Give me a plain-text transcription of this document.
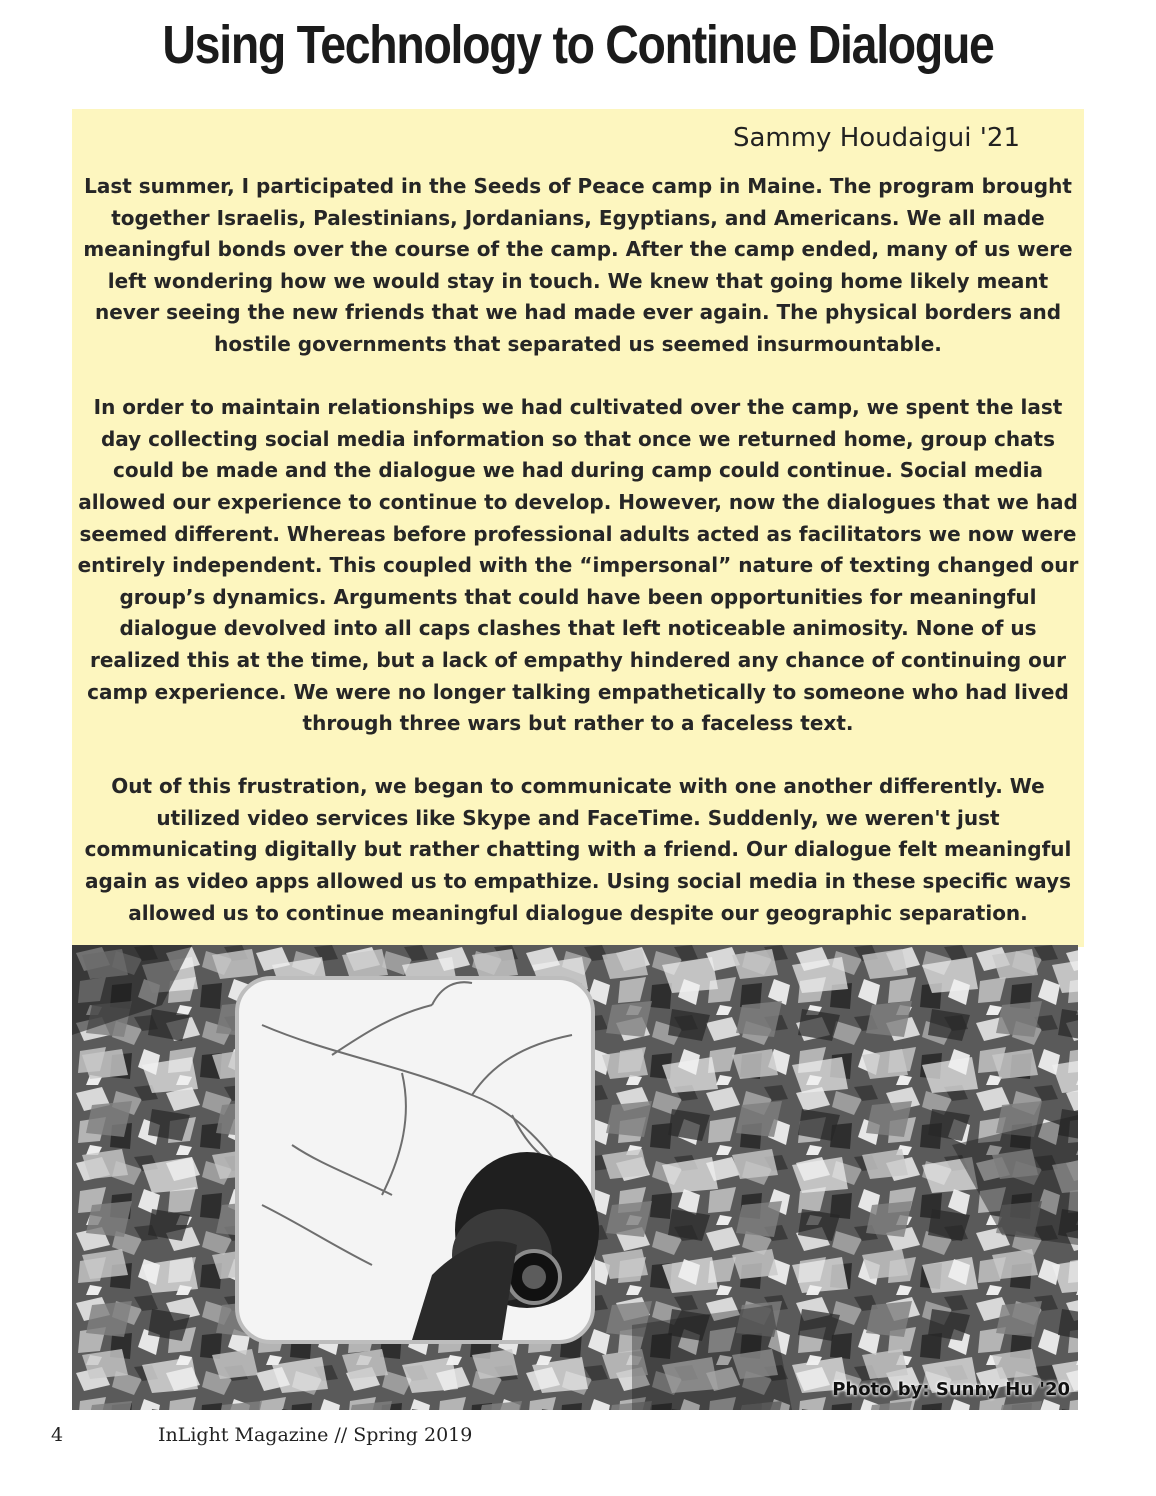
Using Technology to Continue Dialogue
Sammy Houdaigui '21

Last summer, I participated in the Seeds of Peace camp in Maine. The program brought together Israelis, Palestinians, Jordanians, Egyptians, and Americans. We all made meaningful bonds over the course of the camp. After the camp ended, many of us were left wondering how we would stay in touch. We knew that going home likely meant never seeing the new friends that we had made ever again. The physical borders and hostile governments that separated us seemed insurmountable.

In order to maintain relationships we had cultivated over the camp, we spent the last day collecting social media information so that once we returned home, group chats could be made and the dialogue we had during camp could continue. Social media allowed our experience to continue to develop. However, now the dialogues that we had seemed different. Whereas before professional adults acted as facilitators we now were entirely independent. This coupled with the “impersonal” nature of texting changed our group’s dynamics. Arguments that could have been opportunities for meaningful dialogue devolved into all caps clashes that left noticeable animosity. None of us realized this at the time, but a lack of empathy hindered any chance of continuing our camp experience. We were no longer talking empathetically to someone who had lived through three wars but rather to a faceless text.

Out of this frustration, we began to communicate with one another differently. We utilized video services like Skype and FaceTime. Suddenly, we weren't just communicating digitally but rather chatting with a friend. Our dialogue felt meaningful again as video apps allowed us to empathize. Using social media in these specific ways allowed us to continue meaningful dialogue despite our geographic separation.

Photo by: Sunny Hu '20
4	InLight Magazine // Spring 2019
